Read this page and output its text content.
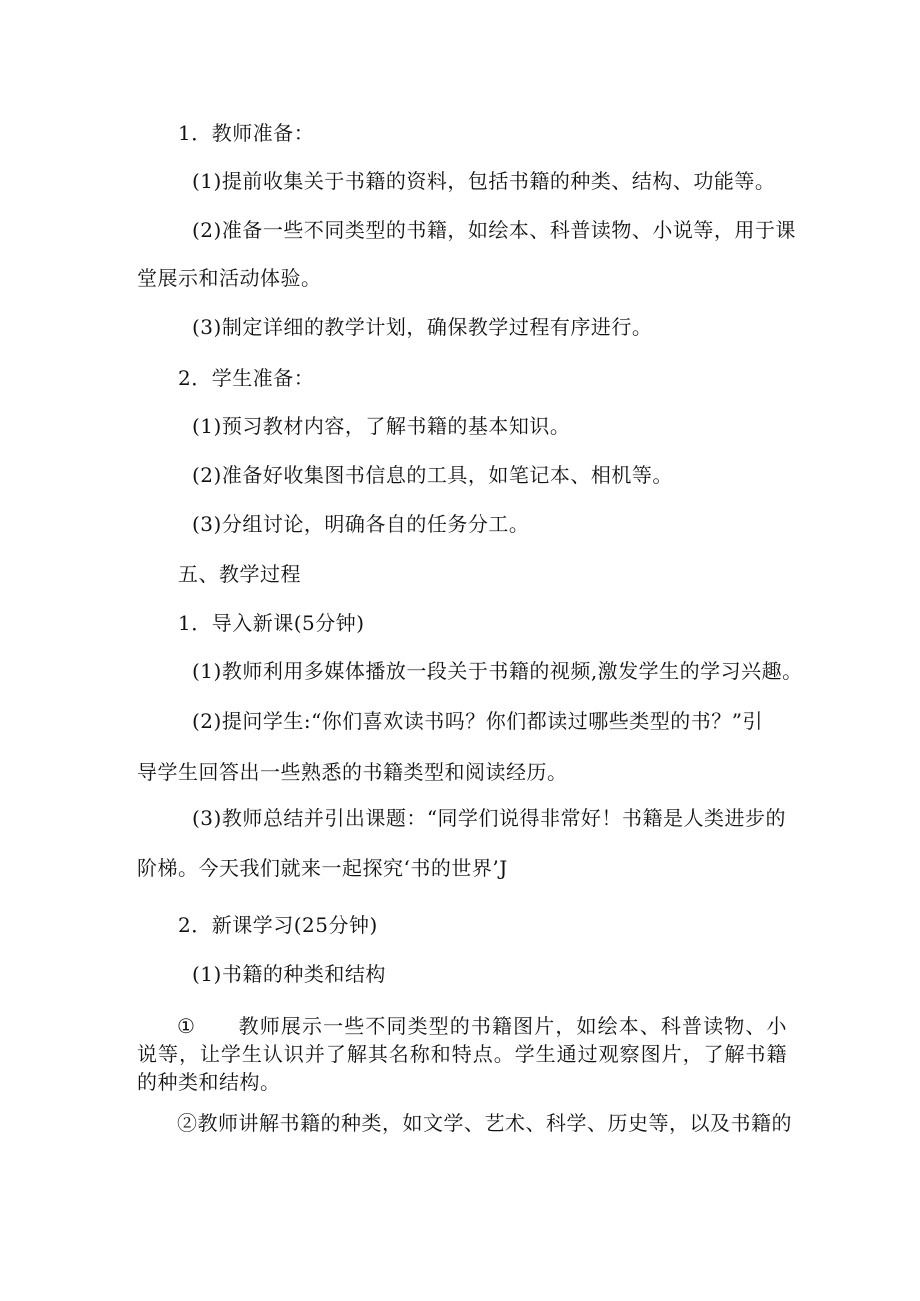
1．教师准备：
(1)提前收集关于书籍的资料，包括书籍的种类、结构、功能等。
(2)准备一些不同类型的书籍，如绘本、科普读物、小说等，用于课
堂展示和活动体验。
(3)制定详细的教学计划，确保教学过程有序进行。
2．学生准备：
(1)预习教材内容，了解书籍的基本知识。
(2)准备好收集图书信息的工具，如笔记本、相机等。
(3)分组讨论，明确各自的任务分工。
五、教学过程
1．导入新课(5分钟)
(1)教师利用多媒体播放一段关于书籍的视频,激发学生的学习兴趣。
(2)提问学生:“你们喜欢读书吗？你们都读过哪些类型的书？”引
导学生回答出一些熟悉的书籍类型和阅读经历。
(3)教师总结并引出课题：“同学们说得非常好！书籍是人类进步的
阶梯。今天我们就来一起探究‘书的世界’J
2．新课学习(25分钟)
(1)书籍的种类和结构
① 教师展示一些不同类型的书籍图片，如绘本、科普读物、小说等，让学生认识并了解其名称和特点。学生通过观察图片，了解书籍的种类和结构。
②教师讲解书籍的种类，如文学、艺术、科学、历史等，以及书籍的
